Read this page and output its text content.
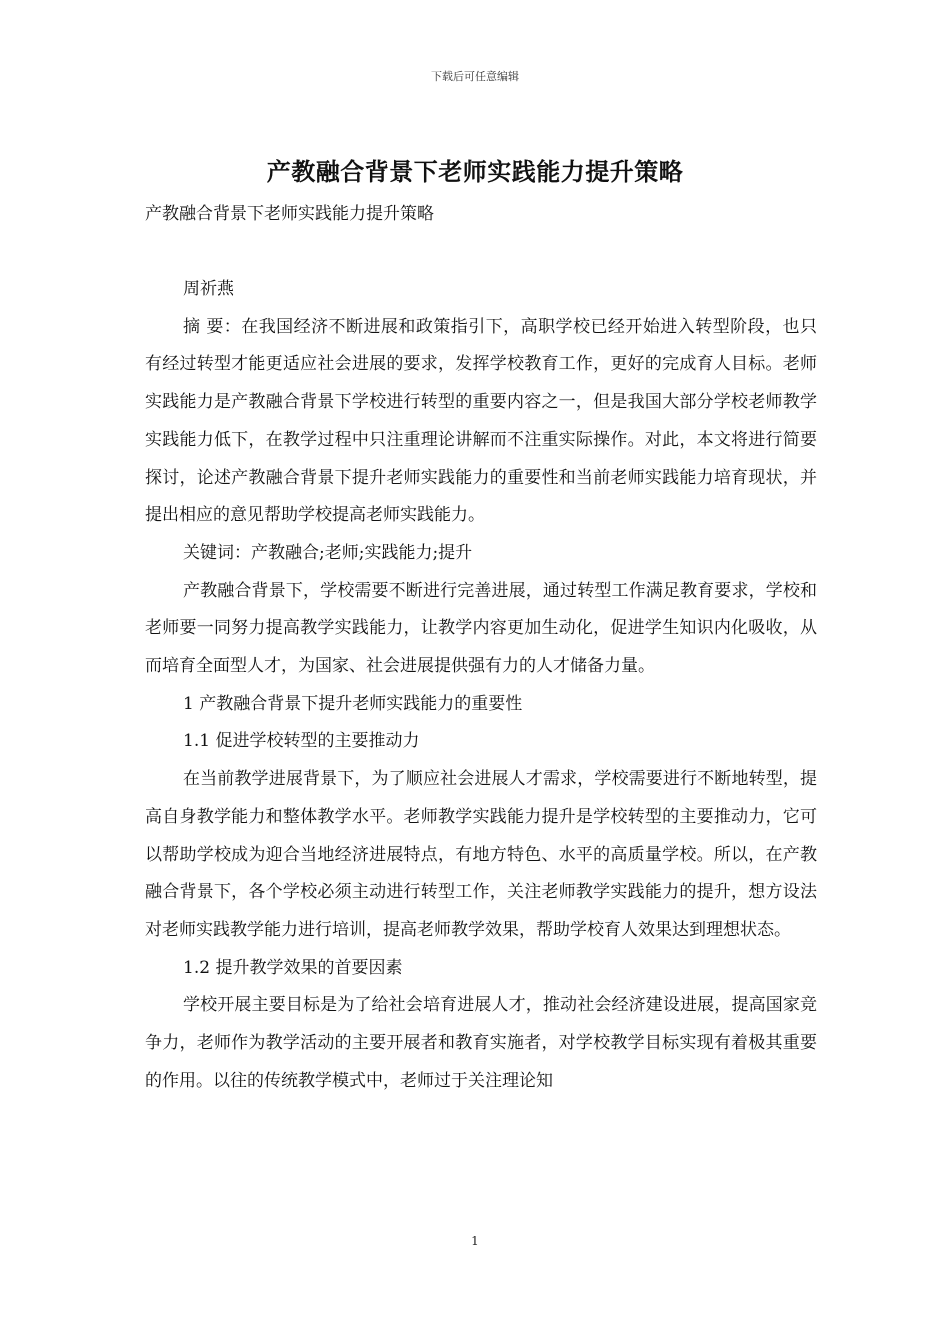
下载后可任意编辑
产教融合背景下老师实践能力提升策略
产教融合背景下老师实践能力提升策略

周祈燕

摘 要：在我国经济不断进展和政策指引下，高职学校已经开始进入转型阶段，也只有经过转型才能更适应社会进展的要求，发挥学校教育工作，更好的完成育人目标。老师实践能力是产教融合背景下学校进行转型的重要内容之一，但是我国大部分学校老师教学实践能力低下，在教学过程中只注重理论讲解而不注重实际操作。对此，本文将进行简要探讨，论述产教融合背景下提升老师实践能力的重要性和当前老师实践能力培育现状，并提出相应的意见帮助学校提高老师实践能力。

关键词：产教融合;老师;实践能力;提升

产教融合背景下，学校需要不断进行完善进展，通过转型工作满足教育要求，学校和老师要一同努力提高教学实践能力，让教学内容更加生动化，促进学生知识内化吸收，从而培育全面型人才，为国家、社会进展提供强有力的人才储备力量。

1 产教融合背景下提升老师实践能力的重要性

1.1 促进学校转型的主要推动力

在当前教学进展背景下，为了顺应社会进展人才需求，学校需要进行不断地转型，提高自身教学能力和整体教学水平。老师教学实践能力提升是学校转型的主要推动力，它可以帮助学校成为迎合当地经济进展特点，有地方特色、水平的高质量学校。所以，在产教融合背景下，各个学校必须主动进行转型工作，关注老师教学实践能力的提升，想方设法对老师实践教学能力进行培训，提高老师教学效果，帮助学校育人效果达到理想状态。

1.2 提升教学效果的首要因素

学校开展主要目标是为了给社会培育进展人才，推动社会经济建设进展，提高国家竞争力，老师作为教学活动的主要开展者和教育实施者，对学校教学目标实现有着极其重要的作用。以往的传统教学模式中，老师过于关注理论知

1
